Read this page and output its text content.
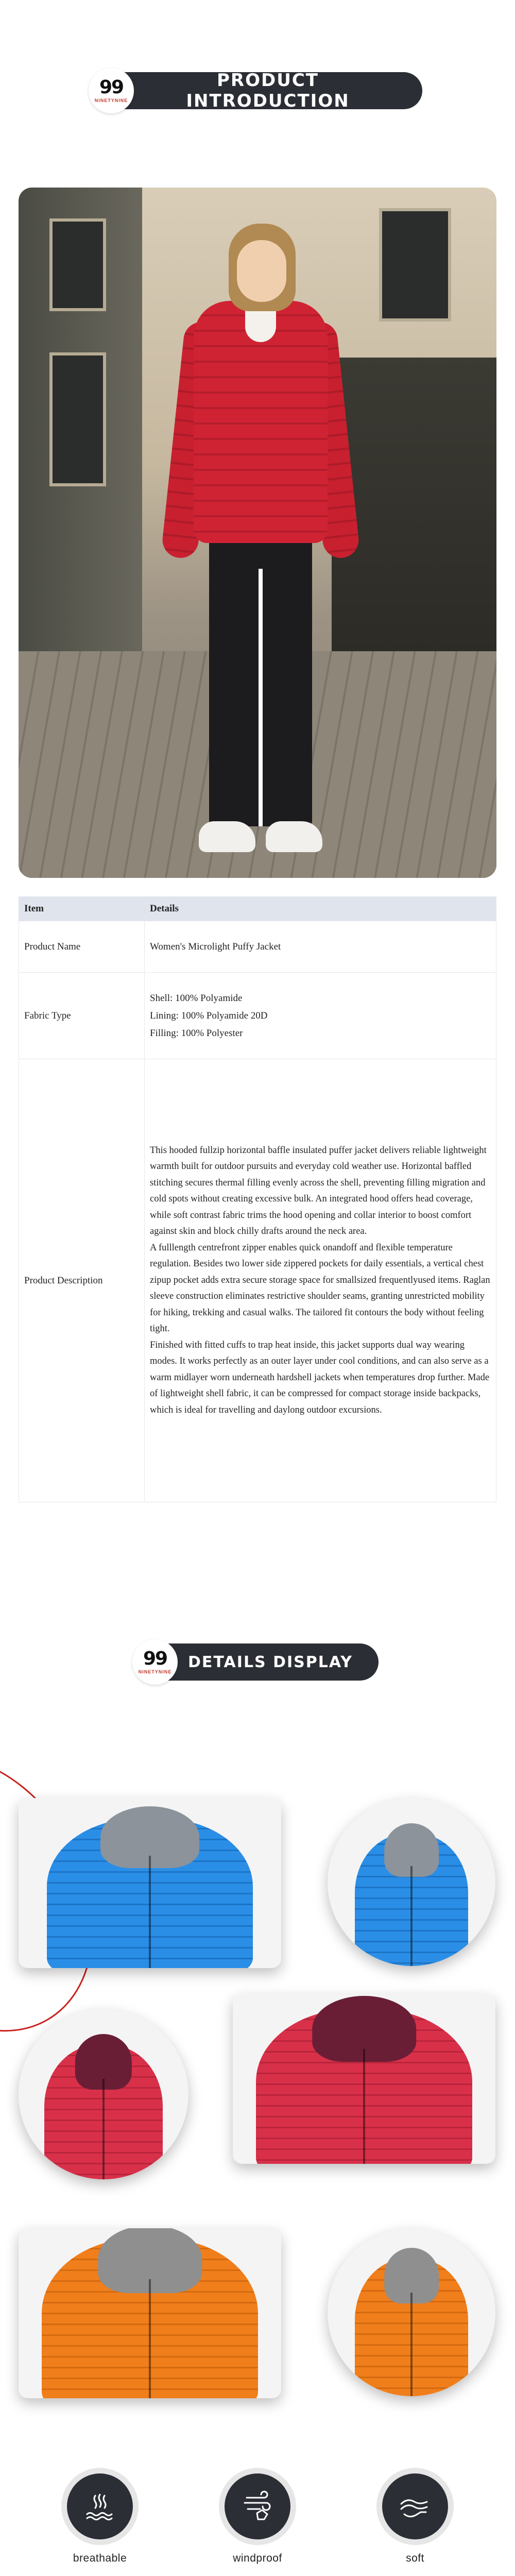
99
NINETYNINE
PRODUCT INTRODUCTION
Item	Details
Product Name	Women's Microlight Puffy Jacket
Fabric Type	Shell: 100% Polyamide
Lining: 100% Polyamide 20D
Filling: 100% Polyester
Product Description	This hooded fullzip horizontal baffle insulated puffer jacket delivers reliable lightweight warmth built for outdoor pursuits and everyday cold weather use. Horizontal baffled stitching secures thermal filling evenly across the shell, preventing filling migration and cold spots without creating excessive bulk. An integrated hood offers head coverage, while soft contrast fabric trims the hood opening and collar interior to boost comfort against skin and block chilly drafts around the neck area.
A fulllength centrefront zipper enables quick onandoff and flexible temperature regulation. Besides two lower side zippered pockets for daily essentials, a vertical chest zipup pocket adds extra secure storage space for smallsized frequentlyused items. Raglan sleeve construction eliminates restrictive shoulder seams, granting unrestricted mobility for hiking, trekking and casual walks. The tailored fit contours the body without feeling tight.
Finished with fitted cuffs to trap heat inside, this jacket supports dual way wearing modes. It works perfectly as an outer layer under cool conditions, and can also serve as a warm midlayer worn underneath hardshell jackets when temperatures drop further. Made of lightweight shell fabric, it can be compressed for compact storage inside backpacks, which is ideal for travelling and daylong outdoor excursions.
99
NINETYNINE
DETAILS DISPLAY
breathable	windproof	soft
